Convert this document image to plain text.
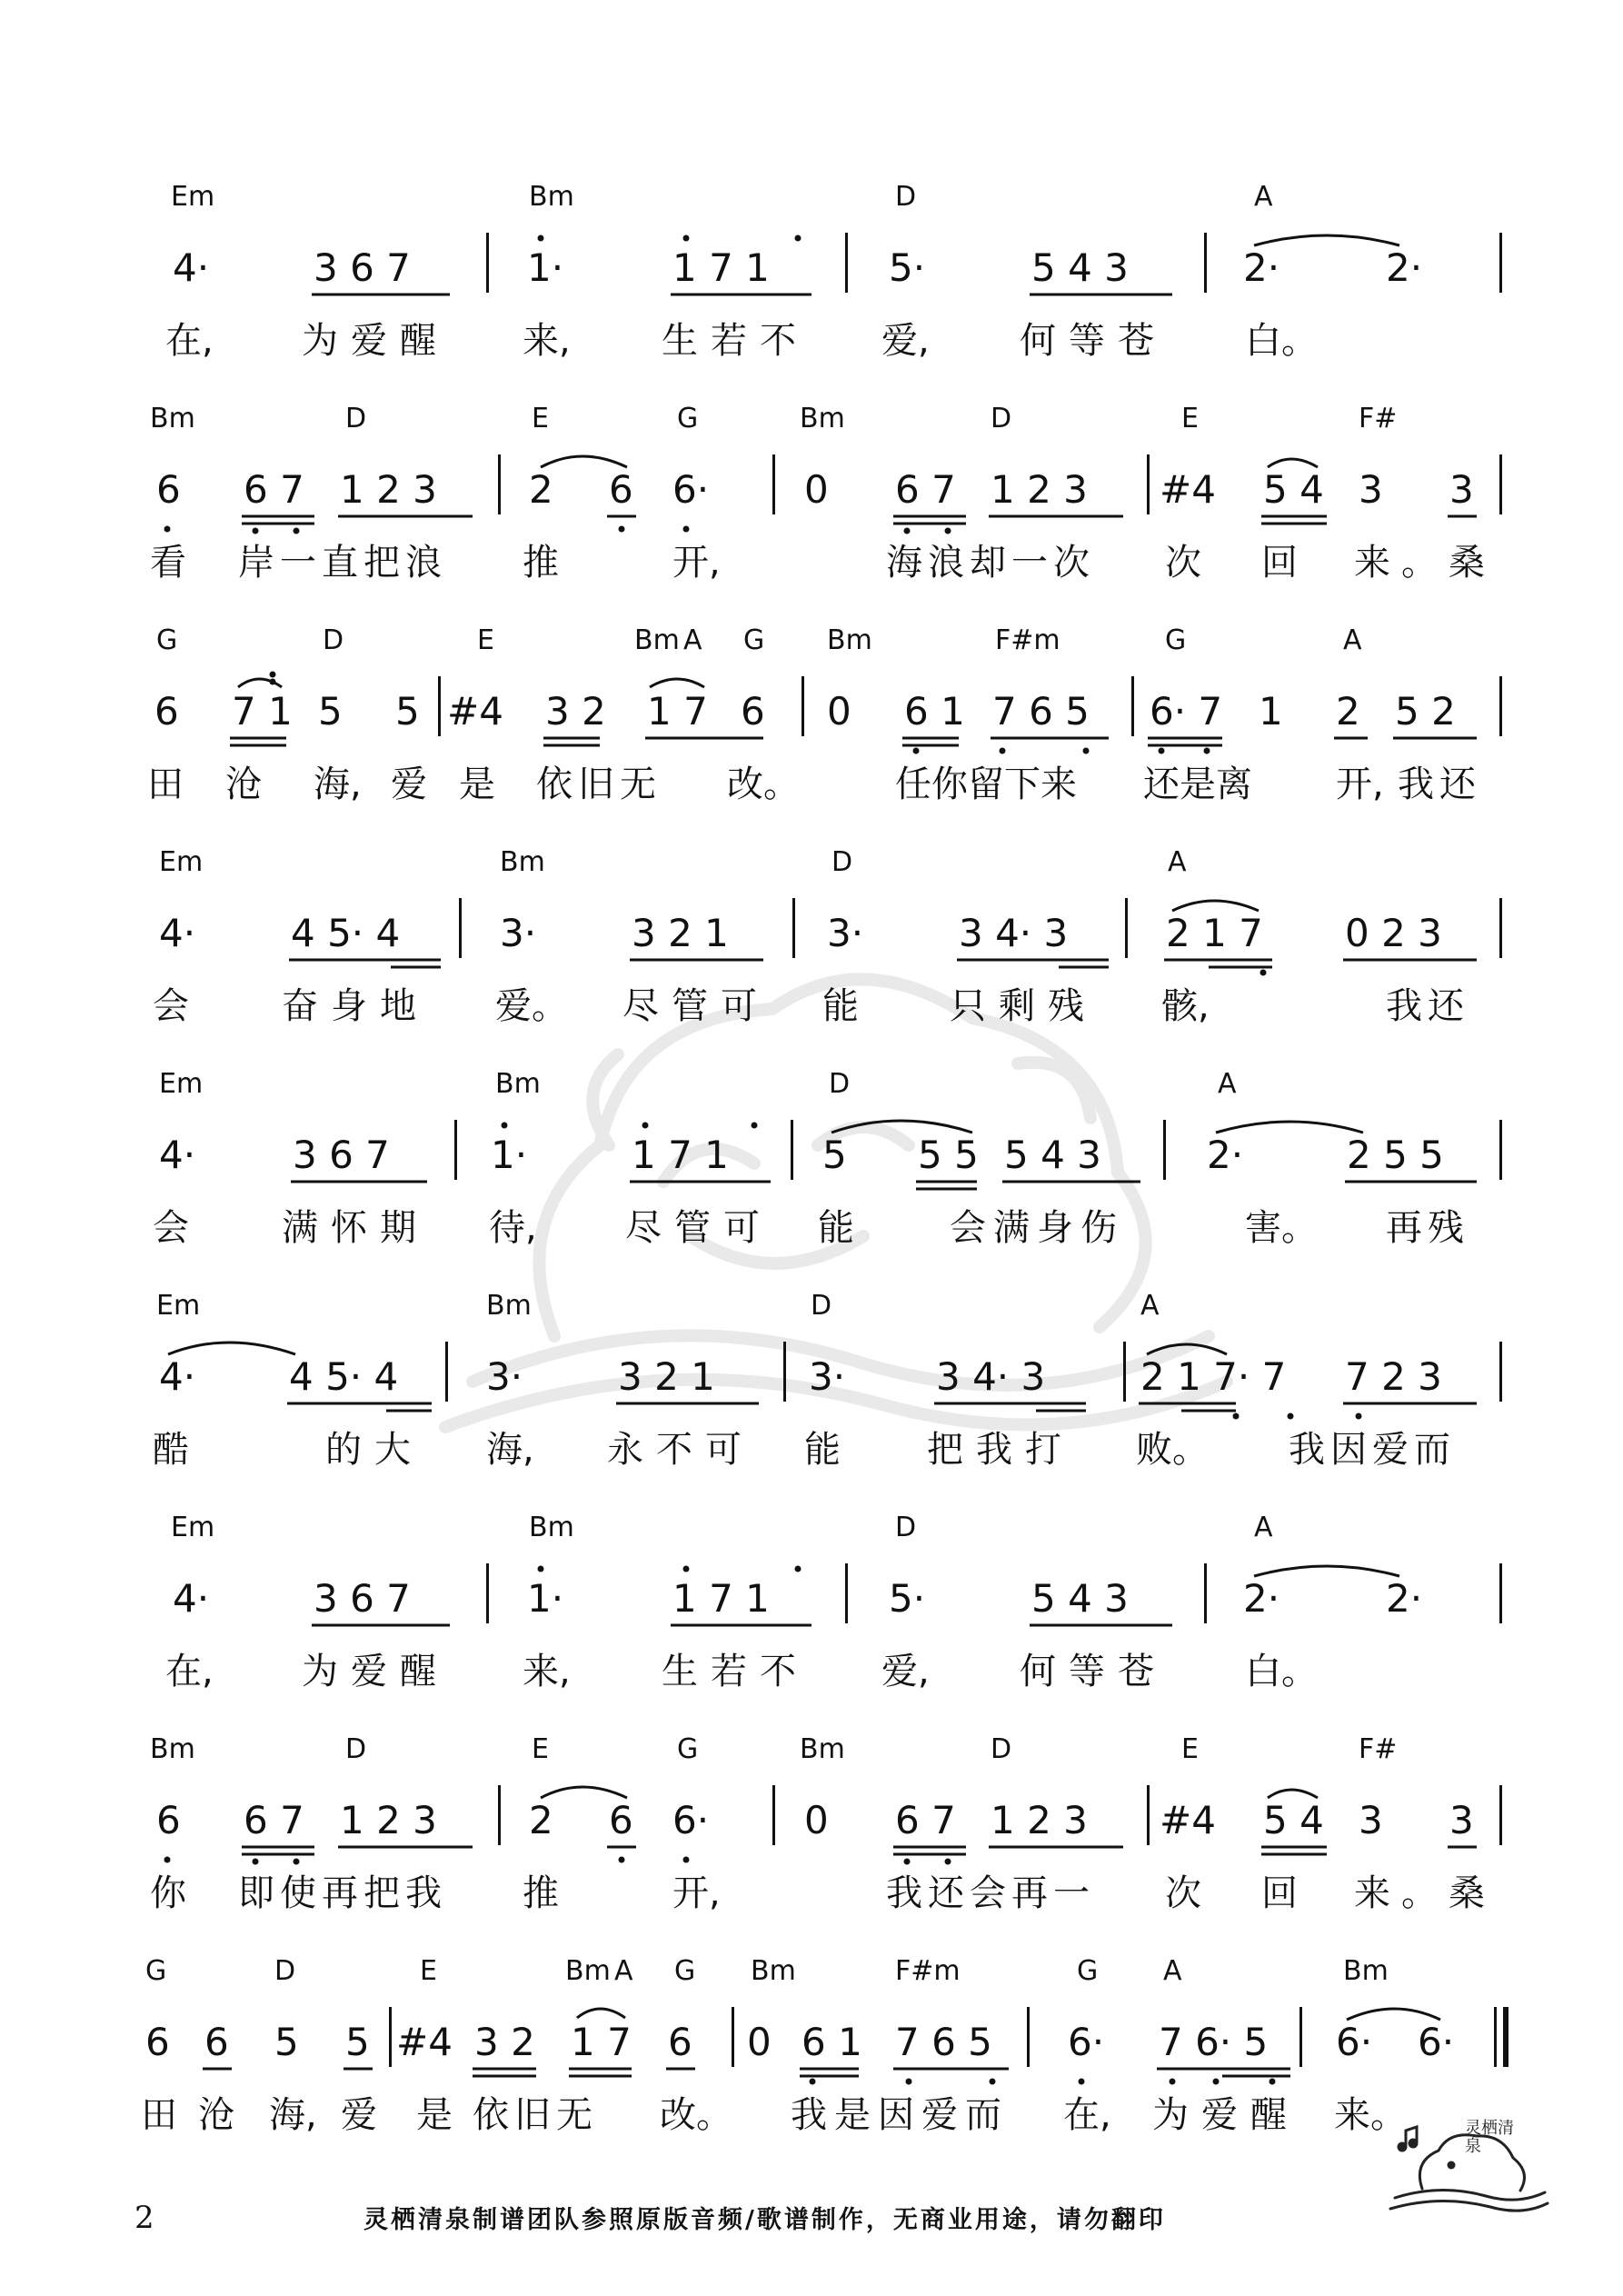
Em	Bm	D	A
4·	3 6 7	1·	1 7 1	5·	5 4 3	2·	2·
在, 为爱醒 来,	生若不 爱, 何等苍 白。
Bm	D	E	G	Bm	D	E	F#
6 6 7 1 2 3 2 6 6· 0 6 7 1 2 3 #4 5 4 3 3
看 岸一直把浪 推	开,	海浪却一次 次 回 来。桑
G	D	E	Bm A G Bm	F#m	G	A
6 7 1 5 5 #4 3 2 1 7 6 0 6 1 7 6 5 6· 7 1 2 5 2
田 沧 海, 爱 是 依旧无 改。	任你留下来 还是离 开, 我还
Em	Bm	D	A
4· 4 5· 4	3· 3 2 1	3· 3 4· 3	2 1 7 0 2 3
会	奋身地 爱。 尽管可 能	只剩残 骸,	我还
Em	Bm	D	A
4·	3 6 7	1·	1 7 1 5 5 5 5 4 3	2·	2 5 5
会	满怀期 待, 尽管可 能	会满身伤	害。 再残
Em	Bm	D	A
4· 4 5· 4 3· 3 2 1 3· 3 4· 3 2 1 7· 7 7 2 3
酷	的大 海, 永不可 能 把我打 败。 我因爱而
Em	Bm	D	A
4·	3 6 7	1·	1 7 1	5·	5 4 3	2·	2·
在, 为爱醒 来,	生若不 爱, 何等苍 白。
Bm	D	E	G	Bm	D	E	F#
6 6 7 1 2 3 2 6 6· 0 6 7 1 2 3 #4 5 4 3 3
你 即使再把我 推	开,	我还会再一 次 回 来。桑
G	D	E	Bm A G Bm	F#m	G A	Bm
6 6 5 5 #4 3 2 1 7 6 0 6 1 7 6 5 6· 7 6· 5 6· 6·
田 沧 海, 爱 是 依旧无 改。 我是因爱而 在, 为爱醒 来。
2	灵栖清泉制谱团队参照原版音频/歌谱制作，无商业用途，请勿翻印
灵栖清泉
